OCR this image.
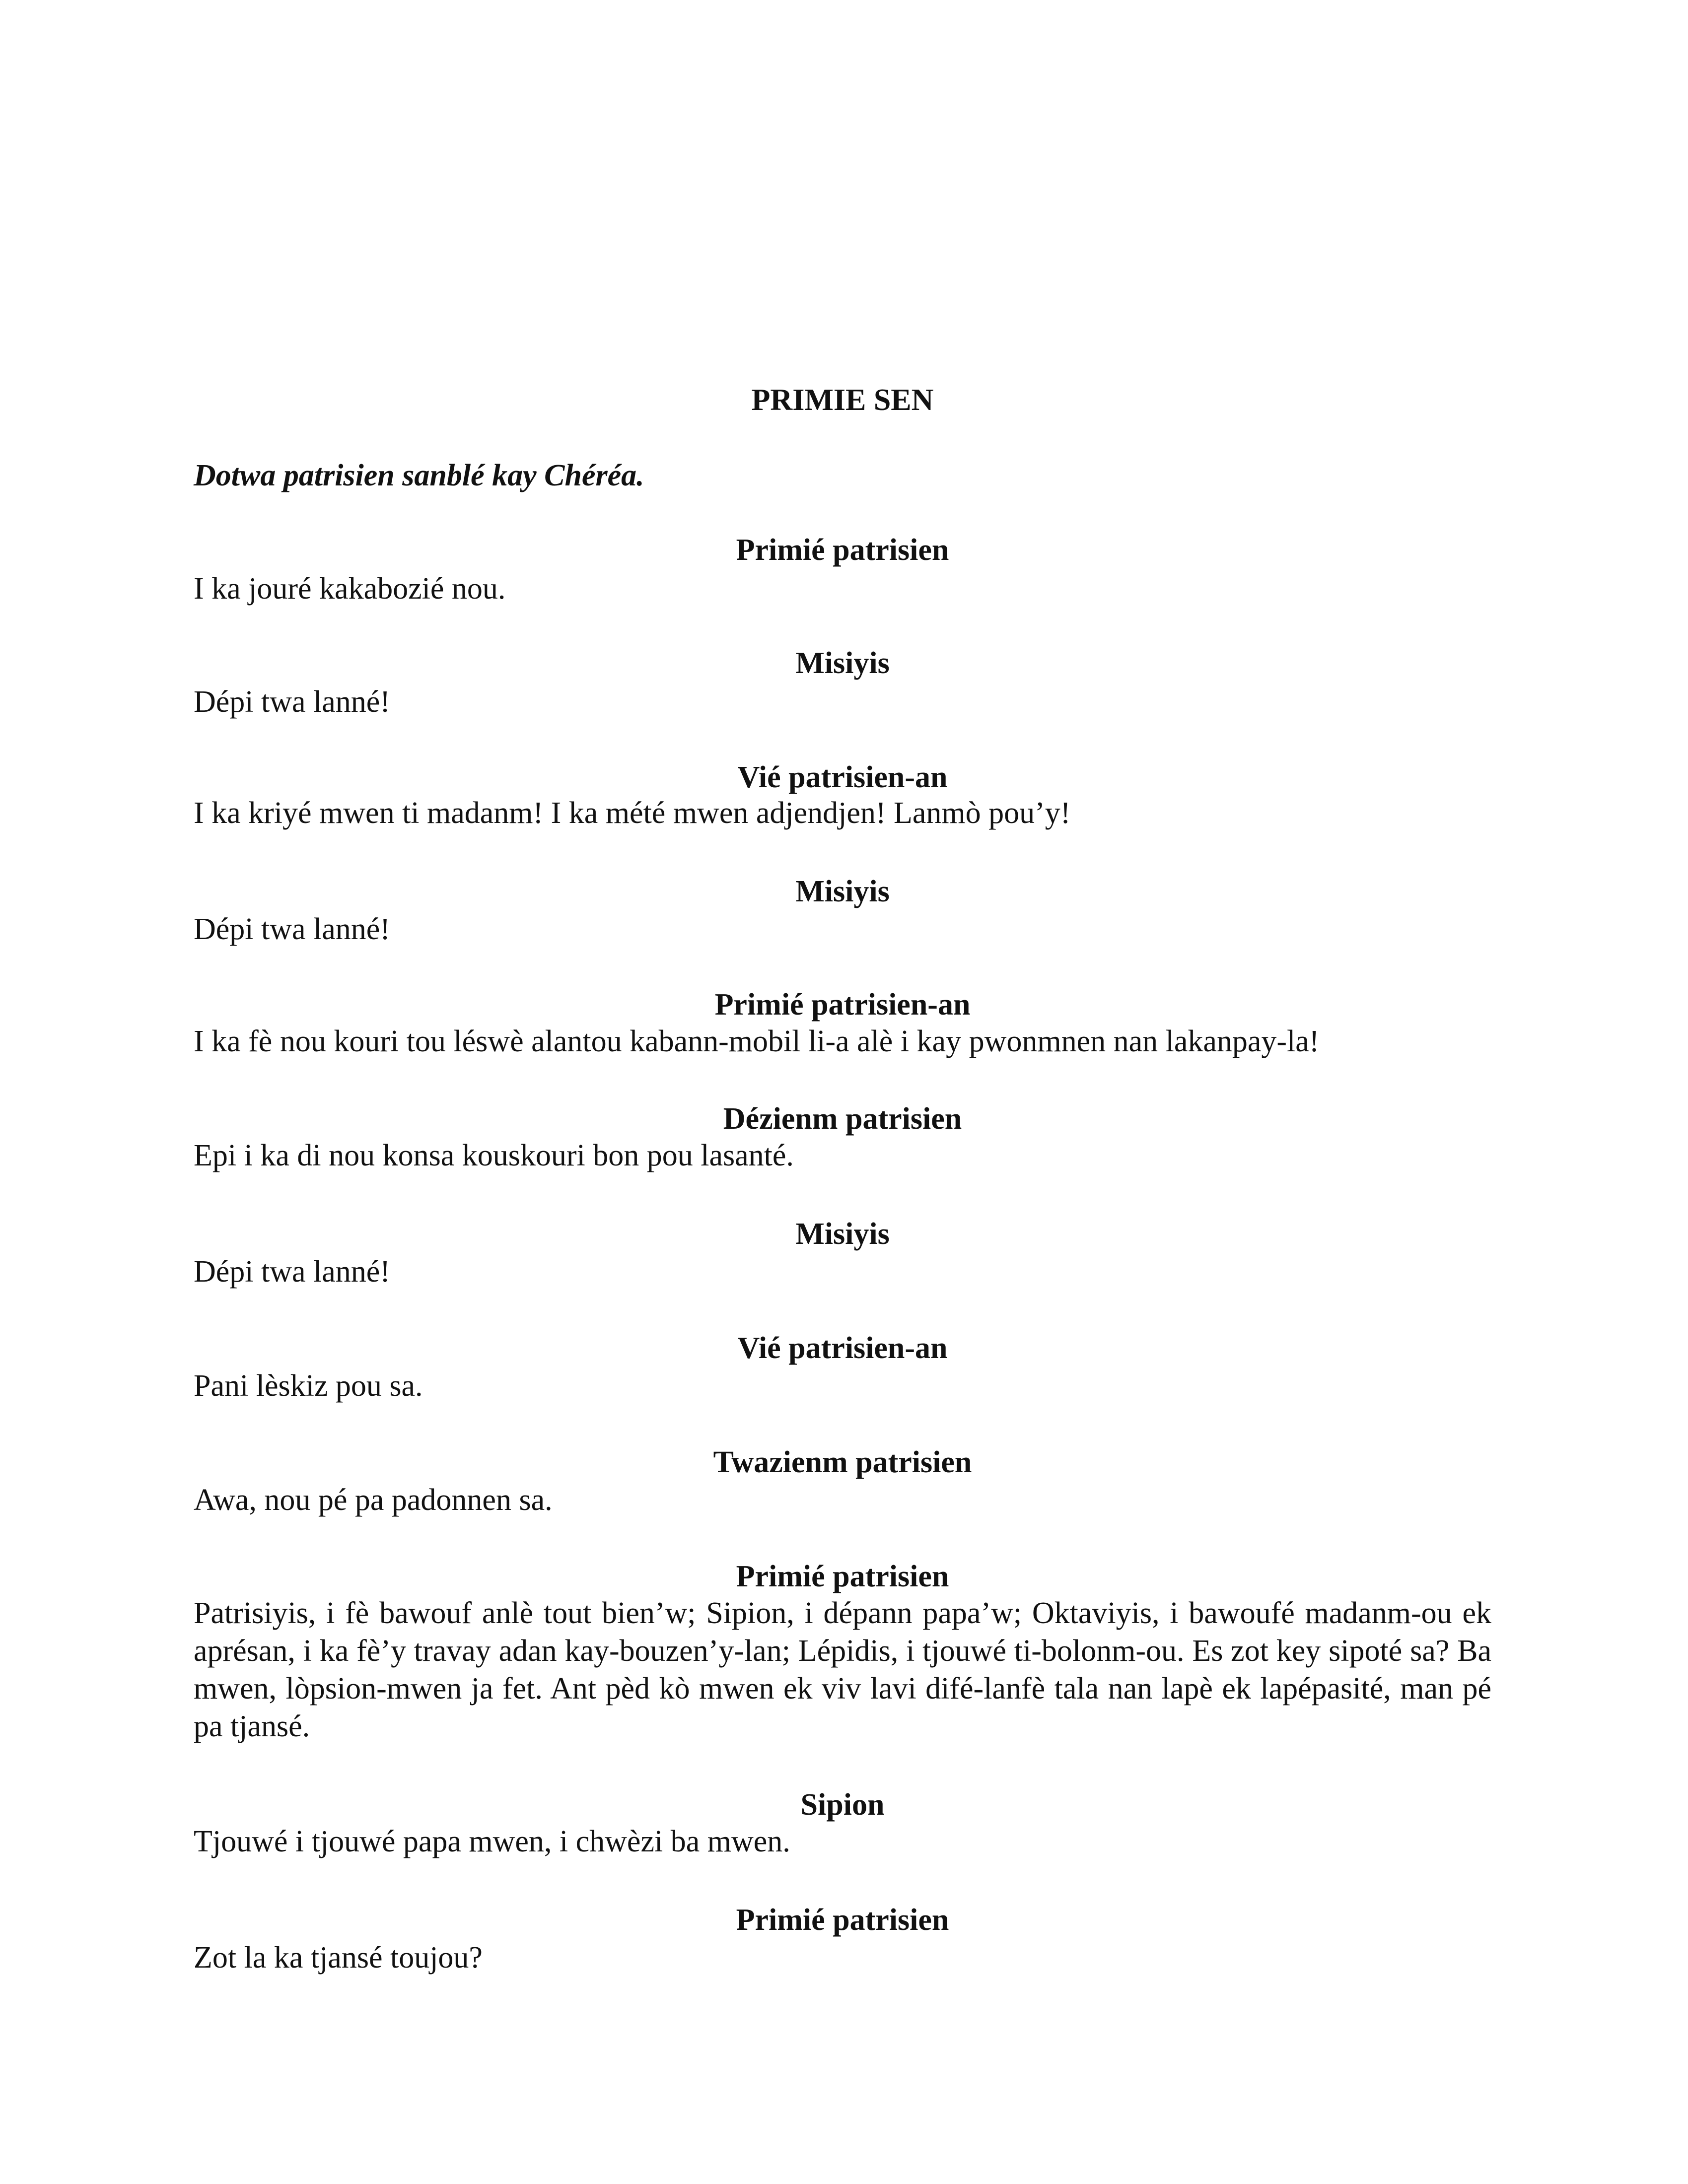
PRIMIE SEN

Dotwa patrisien sanblé kay Chéréa.

Primié patrisien

I ka jouré kakabozié nou.

Misiyis

Dépi twa lanné!

Vié patrisien-an

I ka kriyé mwen ti madanm! I ka mété mwen adjendjen! Lanmò pou’y!

Misiyis

Dépi twa lanné!

Primié patrisien-an

I ka fè nou kouri tou léswè alantou kabann-mobil li-a alè i kay pwonmnen nan lakanpay-la!

Dézienm patrisien

Epi i ka di nou konsa kouskouri bon pou lasanté.

Misiyis

Dépi twa lanné!

Vié patrisien-an

Pani lèskiz pou sa.

Twazienm patrisien

Awa, nou pé pa padonnen sa.

Primié patrisien

Patrisiyis, i fè bawouf anlè tout bien’w; Sipion, i dépann papa’w; Oktaviyis, i bawoufé madanm-ou ek aprésan, i ka fè’y travay adan kay-bouzen’y-lan; Lépidis, i tjouwé ti-bolonm-ou. Es zot key sipoté sa? Ba mwen, lòpsion-mwen ja fet. Ant pèd kò mwen ek viv lavi difé-lanfè tala nan lapè ek lapépasité, man pé pa tjansé.

Sipion

Tjouwé i tjouwé papa mwen, i chwèzi ba mwen.

Primié patrisien

Zot la ka tjansé toujou?
